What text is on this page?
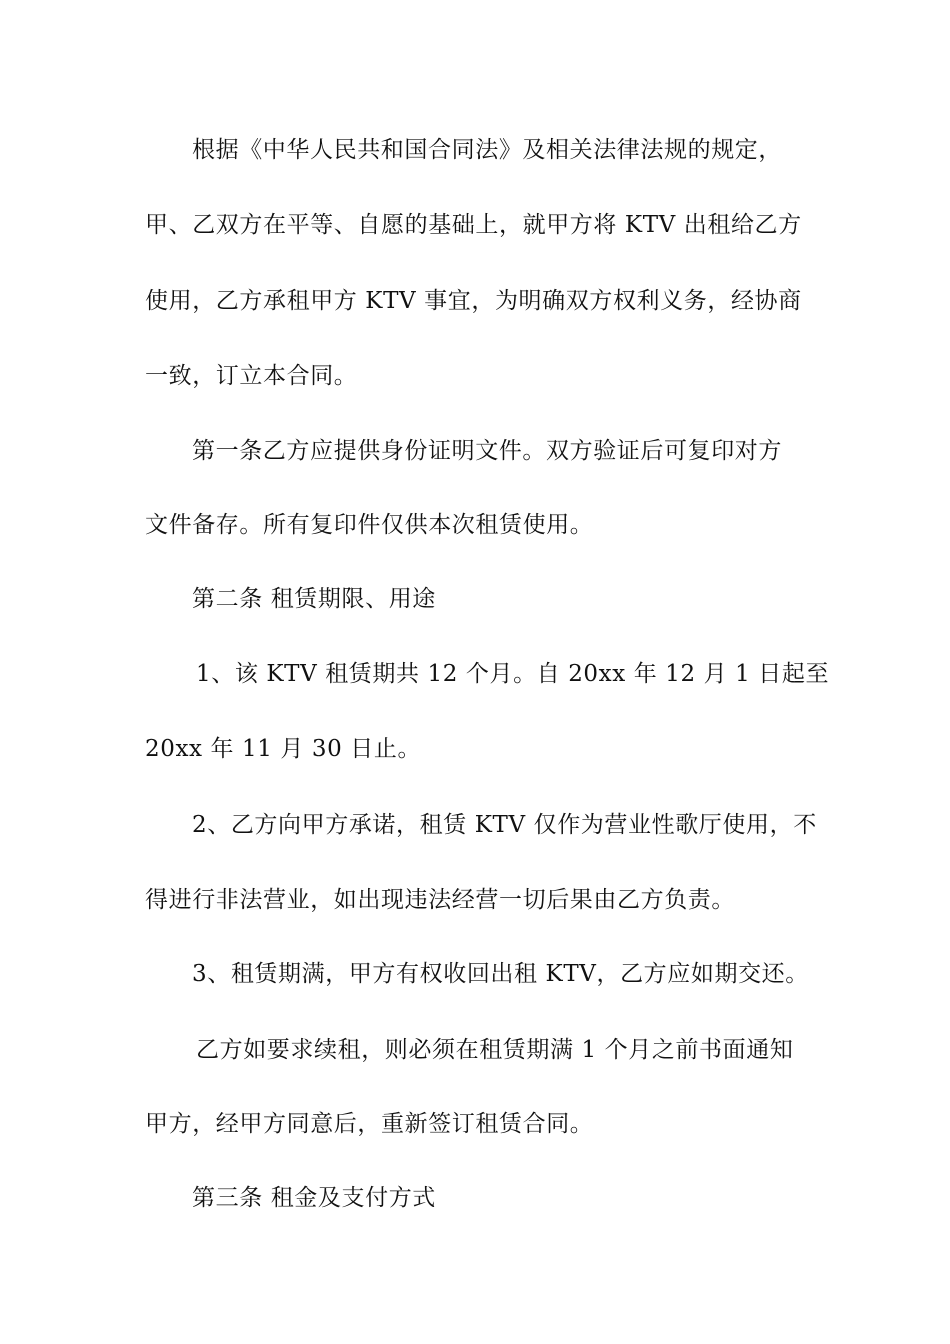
根据《中华人民共和国合同法》及相关法律法规的规定，
甲、乙双方在平等、自愿的基础上，就甲方将 KTV 出租给乙方
使用，乙方承租甲方 KTV 事宜，为明确双方权利义务，经协商
一致，订立本合同。
第一条乙方应提供身份证明文件。双方验证后可复印对方
文件备存。所有复印件仅供本次租赁使用。
第二条 租赁期限、用途
1、该 KTV 租赁期共 12 个月。自 20xx 年 12 月 1 日起至
20xx 年 11 月 30 日止。
2、乙方向甲方承诺，租赁 KTV 仅作为营业性歌厅使用，不
得进行非法营业，如出现违法经营一切后果由乙方负责。
3、租赁期满，甲方有权收回出租 KTV，乙方应如期交还。
乙方如要求续租，则必须在租赁期满 1 个月之前书面通知
甲方，经甲方同意后，重新签订租赁合同。
第三条 租金及支付方式
